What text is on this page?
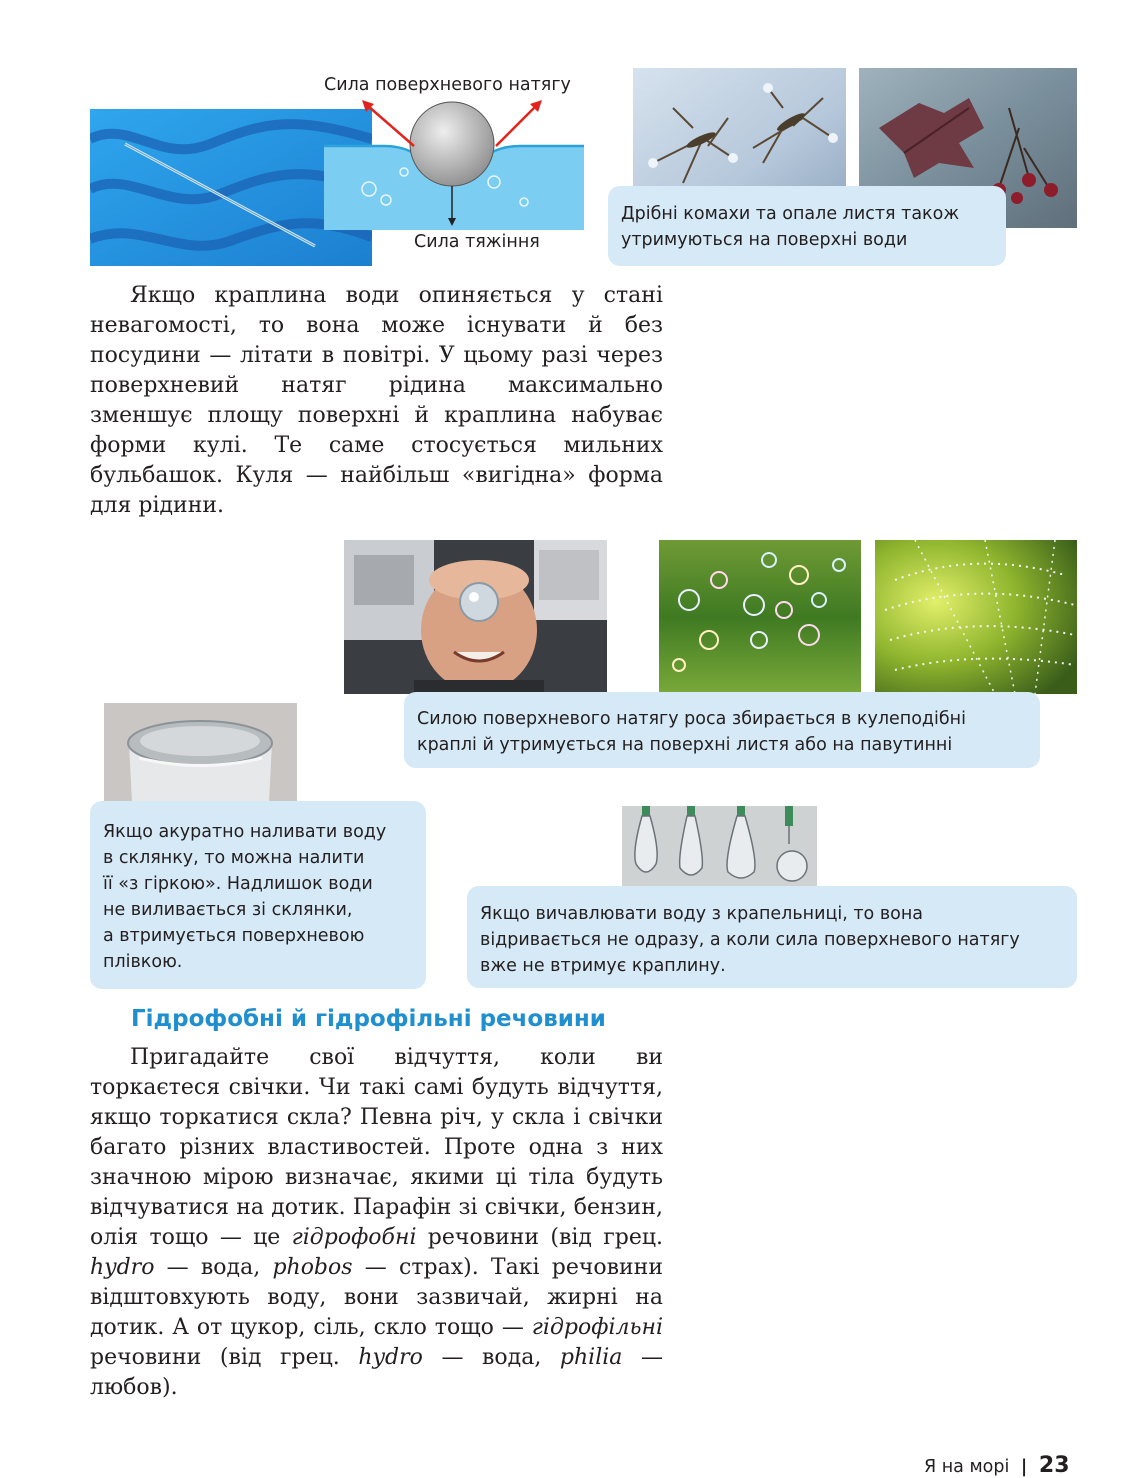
Сила поверхневого натягу
Сила тяжіння
Дрібні комахи та опале листя також
утримуються на поверхні води

Якщо краплина води опиняється у стані невагомості, то вона може існувати й без посудини — літати в повітрі. У цьому разі через поверхневий натяг рідина максимально зменшує площу поверхні й краплина набуває форми кулі. Те саме стосується мильних бульбашок. Куля — найбільш «вигідна» форма для рідини.

Силою поверхневого натягу роса збирається в кулеподібні
краплі й утримується на поверхні листя або на павутинні
Якщо акуратно наливати воду
в склянку, то можна налити
її «з гіркою». Надлишок води
не виливається зі склянки,
а втримується поверхневою
плівкою.
Якщо вичавлювати воду з крапельниці, то вона
відривається не одразу, а коли сила поверхневого натягу
вже не втримує краплину.
Гідрофобні й гідрофільні речовини

Пригадайте свої відчуття, коли ви торкаєтеся свічки. Чи такі самі будуть відчуття, якщо торкатися скла? Певна річ, у скла і свічки багато різних властивостей. Проте одна з них значною мірою визначає, якими ці тіла будуть відчуватися на дотик. Парафін зі свічки, бензин, олія тощо — це гідрофобні речовини (від грец. hydro — вода, phobos — страх). Такі речовини відштовхують воду, вони зазвичай, жирні на дотик. А от цукор, сіль, скло тощо — гідрофільні речовини (від грец. hydro — вода, philia — любов).

Я на морі | 23
